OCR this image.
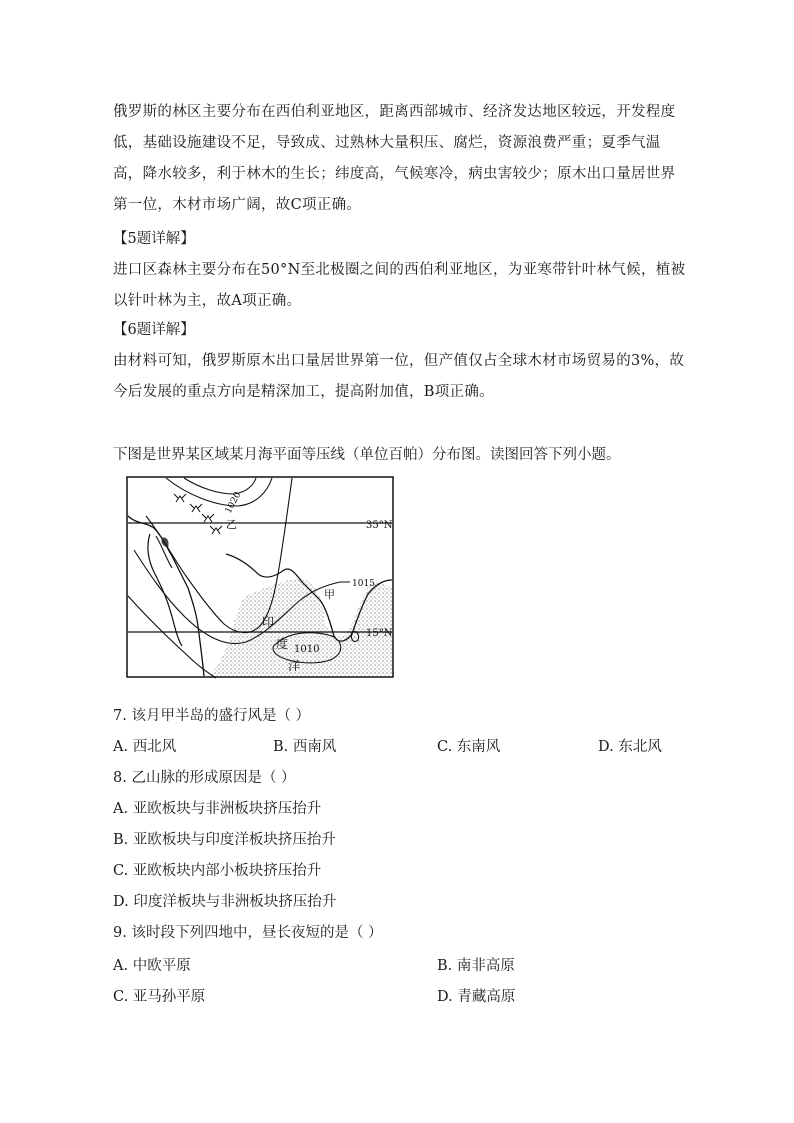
俄罗斯的林区主要分布在西伯利亚地区，距离西部城市、经济发达地区较远，开发程度低，基础设施建设不足，导致成、过熟林大量积压、腐烂，资源浪费严重；夏季气温高，降水较多，利于林木的生长；纬度高，气候寒冷，病虫害较少；原木出口量居世界第一位，木材市场广阔，故C项正确。
【5题详解】
进口区森林主要分布在50°N至北极圈之间的西伯利亚地区，为亚寒带针叶林气候，植被以针叶林为主，故A项正确。
【6题详解】
由材料可知，俄罗斯原木出口量居世界第一位，但产值仅占全球木材市场贸易的3%，故今后发展的重点方向是精深加工，提高附加值，B项正确。
下图是世界某区域某月海平面等压线（单位百帕）分布图。读图回答下列小题。
35°N
15°N
1020
1015
1010
乙
甲
印
度
洋
7. 该月甲半岛的盛行风是（ ）
A. 西北风	B. 西南风	C. 东南风	D. 东北风
8. 乙山脉的形成原因是（ ）
A. 亚欧板块与非洲板块挤压抬升
B. 亚欧板块与印度洋板块挤压抬升
C. 亚欧板块内部小板块挤压抬升
D. 印度洋板块与非洲板块挤压抬升
9. 该时段下列四地中，昼长夜短的是（ ）
A. 中欧平原	B. 南非高原
C. 亚马孙平原	D. 青藏高原
